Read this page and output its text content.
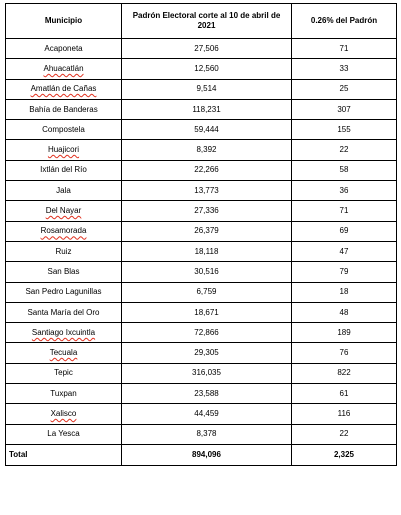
Municipio	Padrón Electoral corte al 10 de abril de 2021	0.26% del Padrón
Acaponeta	27,506	71
Ahuacatlán	12,560	33
Amatlán de Cañas	9,514	25
Bahía de Banderas	118,231	307
Compostela	59,444	155
Huajicori	8,392	22
Ixtlán del Río	22,266	58
Jala	13,773	36
Del Nayar	27,336	71
Rosamorada	26,379	69
Ruiz	18,118	47
San Blas	30,516	79
San Pedro Lagunillas	6,759	18
Santa María del Oro	18,671	48
Santiago Ixcuintla	72,866	189
Tecuala	29,305	76
Tepic	316,035	822
Tuxpan	23,588	61
Xalisco	44,459	116
La Yesca	8,378	22
Total	894,096	2,325
